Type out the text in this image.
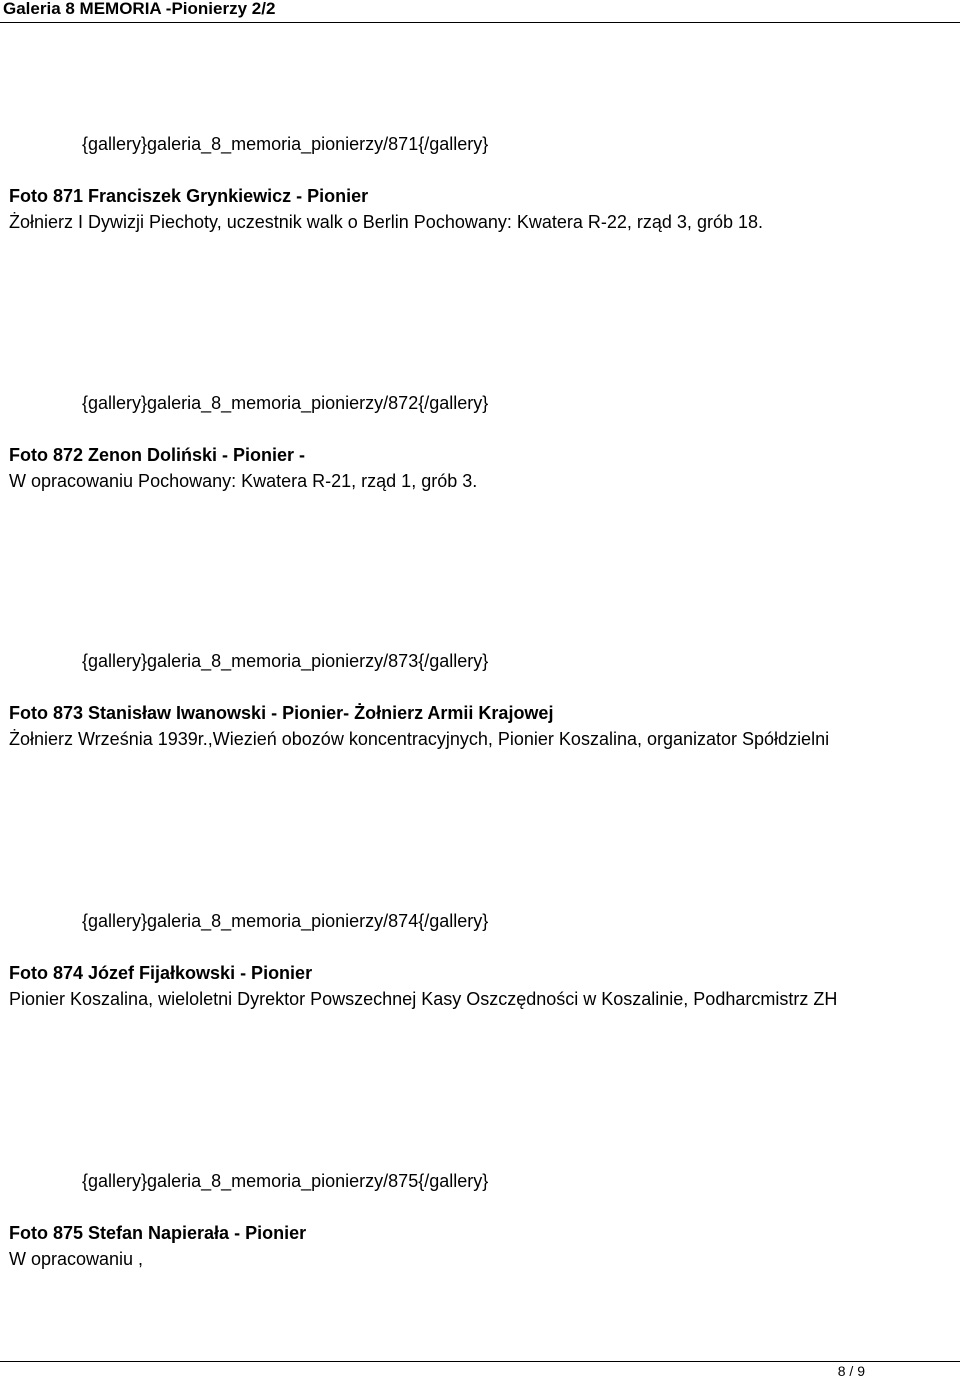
Galeria 8 MEMORIA -Pionierzy 2/2
{gallery}galeria_8_memoria_pionierzy/871{/gallery}
Foto 871 Franciszek Grynkiewicz - Pionier
Żołnierz I Dywizji Piechoty, uczestnik walk o Berlin Pochowany: Kwatera R-22, rząd 3, grób 18.
{gallery}galeria_8_memoria_pionierzy/872{/gallery}
Foto 872 Zenon Doliński - Pionier -
W opracowaniu Pochowany: Kwatera R-21, rząd 1, grób 3.
{gallery}galeria_8_memoria_pionierzy/873{/gallery}
Foto 873 Stanisław Iwanowski - Pionier- Żołnierz Armii Krajowej
Żołnierz Września 1939r.,Wiezień obozów koncentracyjnych, Pionier Koszalina, organizator Spółdzielni
{gallery}galeria_8_memoria_pionierzy/874{/gallery}
Foto 874 Józef Fijałkowski - Pionier
Pionier Koszalina, wieloletni Dyrektor Powszechnej Kasy Oszczędności w Koszalinie, Podharcmistrz ZH
{gallery}galeria_8_memoria_pionierzy/875{/gallery}
Foto 875 Stefan Napierała - Pionier
W opracowaniu ,
8 / 9
